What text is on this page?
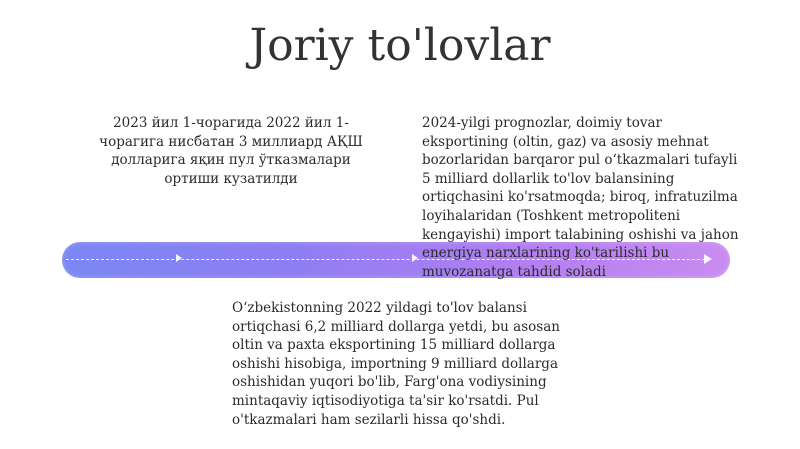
Joriy to'lovlar
2023 йил 1-чорагида 2022 йил 1-чорагига нисбатан 3 миллиард АҚШ долларига яқин пул ўтказмалари ортиши кузатилди
2024-yilgi prognozlar, doimiy tovar eksportining (oltin, gaz) va asosiy mehnat bozorlaridan barqaror pul o‘tkazmalari tufayli 5 milliard dollarlik to'lov balansining ortiqchasini ko'rsatmoqda; biroq, infratuzilma loyihalaridan (Toshkent metropoliteni kengayishi) import talabining oshishi va jahon energiya narxlarining ko'tarilishi bu muvozanatga tahdid soladi
O‘zbekistonning 2022 yildagi to'lov balansi ortiqchasi 6,2 milliard dollarga yetdi, bu asosan oltin va paxta eksportining 15 milliard dollarga oshishi hisobiga, importning 9 milliard dollarga oshishidan yuqori bo'lib, Farg'ona vodiysining mintaqaviy iqtisodiyotiga ta'sir ko'rsatdi. Pul o'tkazmalari ham sezilarli hissa qo'shdi.
